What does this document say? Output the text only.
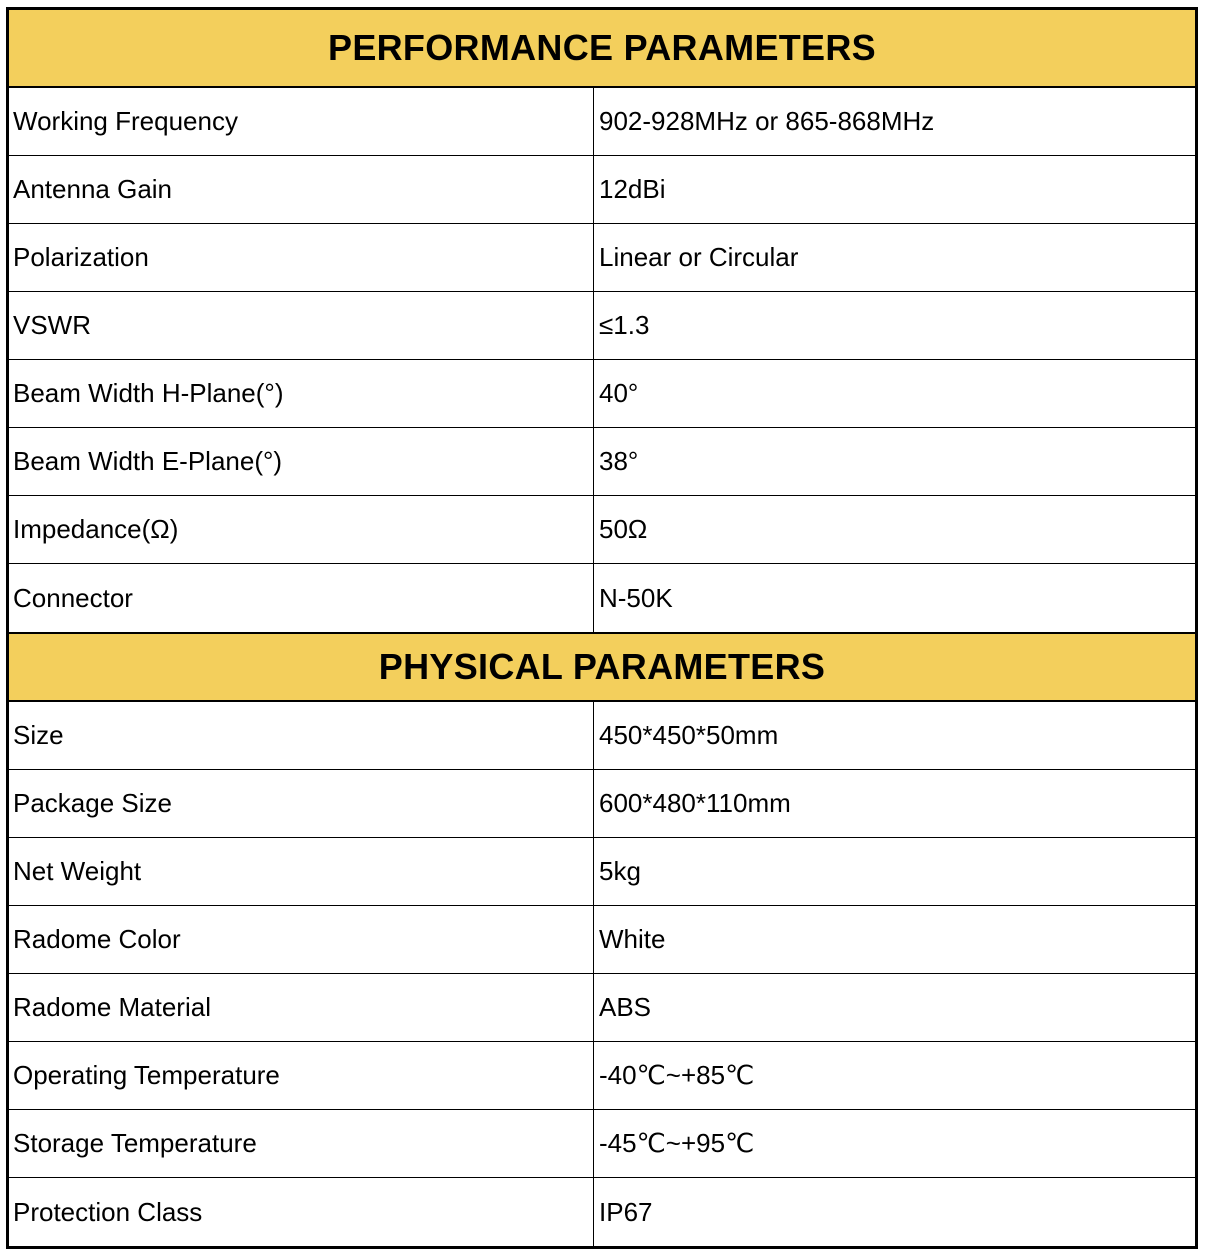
PERFORMANCE PARAMETERS
Working Frequency	902-928MHz or 865-868MHz
Antenna Gain	12dBi
Polarization	Linear or Circular
VSWR	≤1.3
Beam Width H-Plane(°)	40°
Beam Width E-Plane(°)	38°
Impedance(Ω)	50Ω
Connector	N-50K
PHYSICAL PARAMETERS
Size	450*450*50mm
Package Size	600*480*110mm
Net Weight	5kg
Radome Color	White
Radome Material	ABS
Operating Temperature	-40℃~+85℃
Storage Temperature	-45℃~+95℃
Protection Class	IP67
